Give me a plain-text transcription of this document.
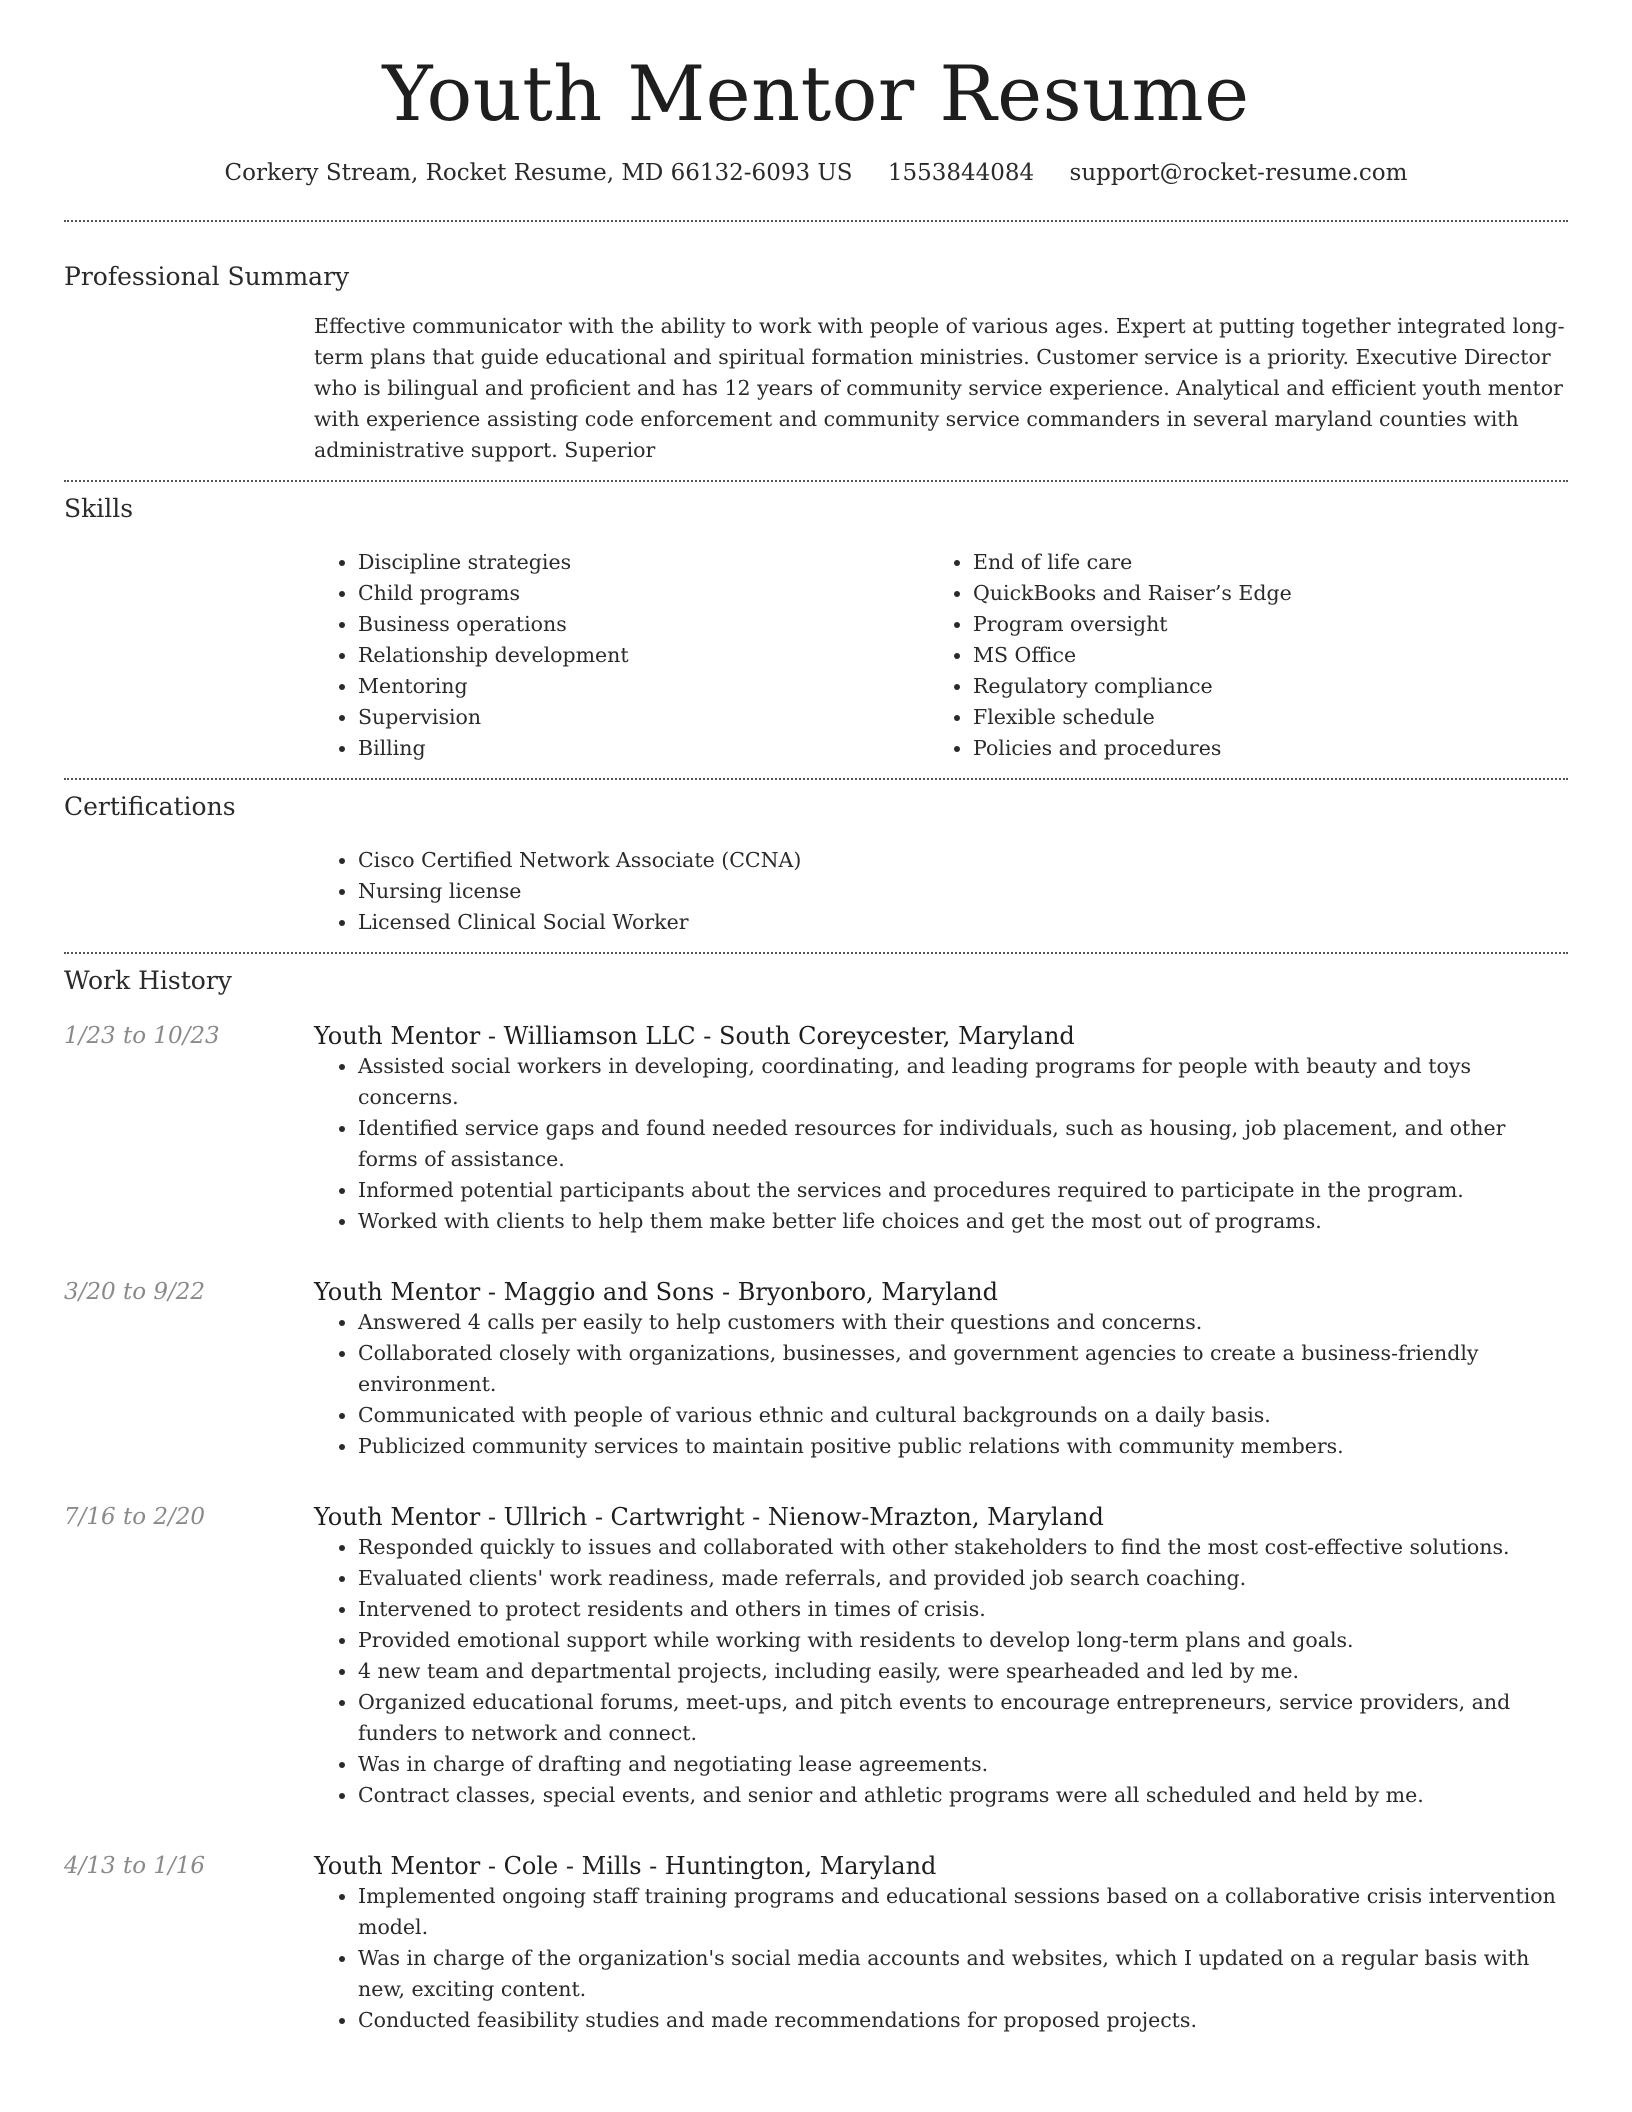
Youth Mentor Resume
Corkery Stream, Rocket Resume, MD 66132-6093 US 1553844084 support@rocket-resume.com
Professional Summary
Effective communicator with the ability to work with people of various ages. Expert at putting together integrated long-term plans that guide educational and spiritual formation ministries. Customer service is a priority. Executive Director who is bilingual and proficient and has 12 years of community service experience. Analytical and efficient youth mentor with experience assisting code enforcement and community service commanders in several maryland counties with administrative support. Superior
Skills
• Discipline strategies
• Child programs
• Business operations
• Relationship development
• Mentoring
• Supervision
• Billing
• End of life care
• QuickBooks and Raiser’s Edge
• Program oversight
• MS Office
• Regulatory compliance
• Flexible schedule
• Policies and procedures
Certifications
• Cisco Certified Network Associate (CCNA)
• Nursing license
• Licensed Clinical Social Worker
Work History
1/23 to 10/23	Youth Mentor - Williamson LLC - South Coreycester, Maryland
• Assisted social workers in developing, coordinating, and leading programs for people with beauty and toys concerns.
• Identified service gaps and found needed resources for individuals, such as housing, job placement, and other forms of assistance.
• Informed potential participants about the services and procedures required to participate in the program.
• Worked with clients to help them make better life choices and get the most out of programs.
3/20 to 9/22	Youth Mentor - Maggio and Sons - Bryonboro, Maryland
• Answered 4 calls per easily to help customers with their questions and concerns.
• Collaborated closely with organizations, businesses, and government agencies to create a business-friendly environment.
• Communicated with people of various ethnic and cultural backgrounds on a daily basis.
• Publicized community services to maintain positive public relations with community members.
7/16 to 2/20	Youth Mentor - Ullrich - Cartwright - Nienow-Mrazton, Maryland
• Responded quickly to issues and collaborated with other stakeholders to find the most cost-effective solutions.
• Evaluated clients' work readiness, made referrals, and provided job search coaching.
• Intervened to protect residents and others in times of crisis.
• Provided emotional support while working with residents to develop long-term plans and goals.
• 4 new team and departmental projects, including easily, were spearheaded and led by me.
• Organized educational forums, meet-ups, and pitch events to encourage entrepreneurs, service providers, and funders to network and connect.
• Was in charge of drafting and negotiating lease agreements.
• Contract classes, special events, and senior and athletic programs were all scheduled and held by me.
4/13 to 1/16	Youth Mentor - Cole - Mills - Huntington, Maryland
• Implemented ongoing staff training programs and educational sessions based on a collaborative crisis intervention model.
• Was in charge of the organization's social media accounts and websites, which I updated on a regular basis with new, exciting content.
• Conducted feasibility studies and made recommendations for proposed projects.
